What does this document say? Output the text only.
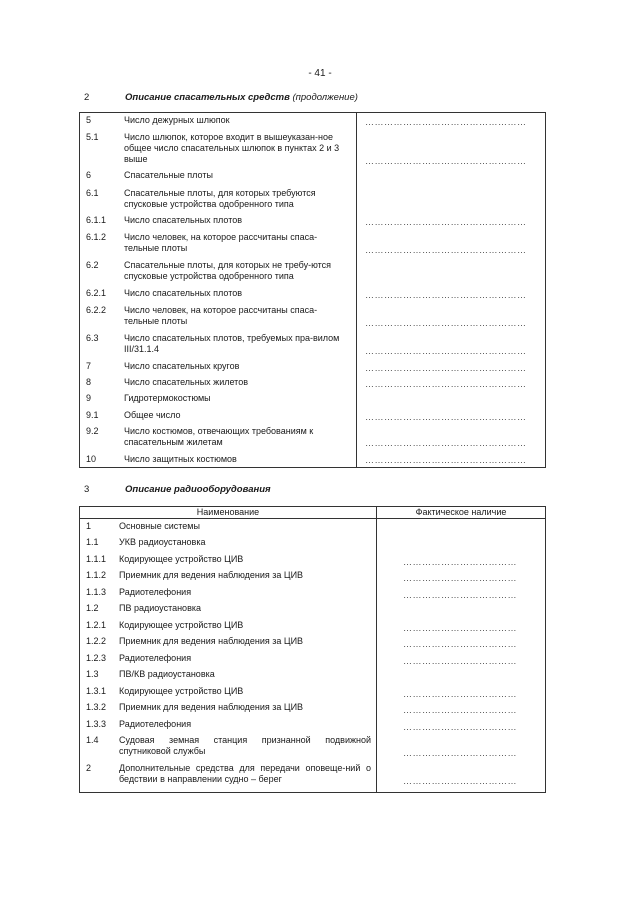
- 41 -
2	Описание спасательных средств (продолжение)
5	Число дежурных шлюпок	……………………………………………
5.1	Число шлюпок, которое входит в вышеуказан-ное общее число спасательных шлюпок в пунктах 2 и 3 выше	……………………………………………
6	Спасательные плоты
6.1	Спасательные плоты, для которых требуются спусковые устройства одобренного типа
6.1.1 Число спасательных плотов	……………………………………………
6.1.2 Число человек, на которое рассчитаны спаса-тельные плоты	……………………………………………
6.2	Спасательные плоты, для которых не требу-ются спусковые устройства одобренного типа
6.2.1 Число спасательных плотов	……………………………………………
6.2.2 Число человек, на которое рассчитаны спаса-тельные плоты	……………………………………………
6.3	Число спасательных плотов, требуемых пра-вилом III/31.1.4	……………………………………………
7	Число спасательных кругов	……………………………………………
8	Число спасательных жилетов	……………………………………………
9	Гидротермокостюмы
9.1	Общее число	……………………………………………
9.2	Число костюмов, отвечающих требованиям к спасательным жилетам	……………………………………………
10	Число защитных костюмов	……………………………………………
3	Описание радиооборудования
Наименование	Фактическое наличие
1	Основные системы
1.1 УКВ радиоустановка
1.1.1 Кодирующее устройство ЦИВ	………………………………
1.1.2 Приемник для ведения наблюдения за ЦИВ	………………………………
1.1.3 Радиотелефония	………………………………
1.2 ПВ радиоустановка
1.2.1 Кодирующее устройство ЦИВ	………………………………
1.2.2 Приемник для ведения наблюдения за ЦИВ	………………………………
1.2.3 Радиотелефония	………………………………
1.3 ПВ/КВ радиоустановка
1.3.1 Кодирующее устройство ЦИВ	………………………………
1.3.2 Приемник для ведения наблюдения за ЦИВ	………………………………
1.3.3 Радиотелефония	………………………………
1.4 Судовая земная станция признанной подвижной спутниковой службы	………………………………
2	Дополнительные средства для передачи оповеще-ний о бедствии в направлении судно – берег	………………………………
